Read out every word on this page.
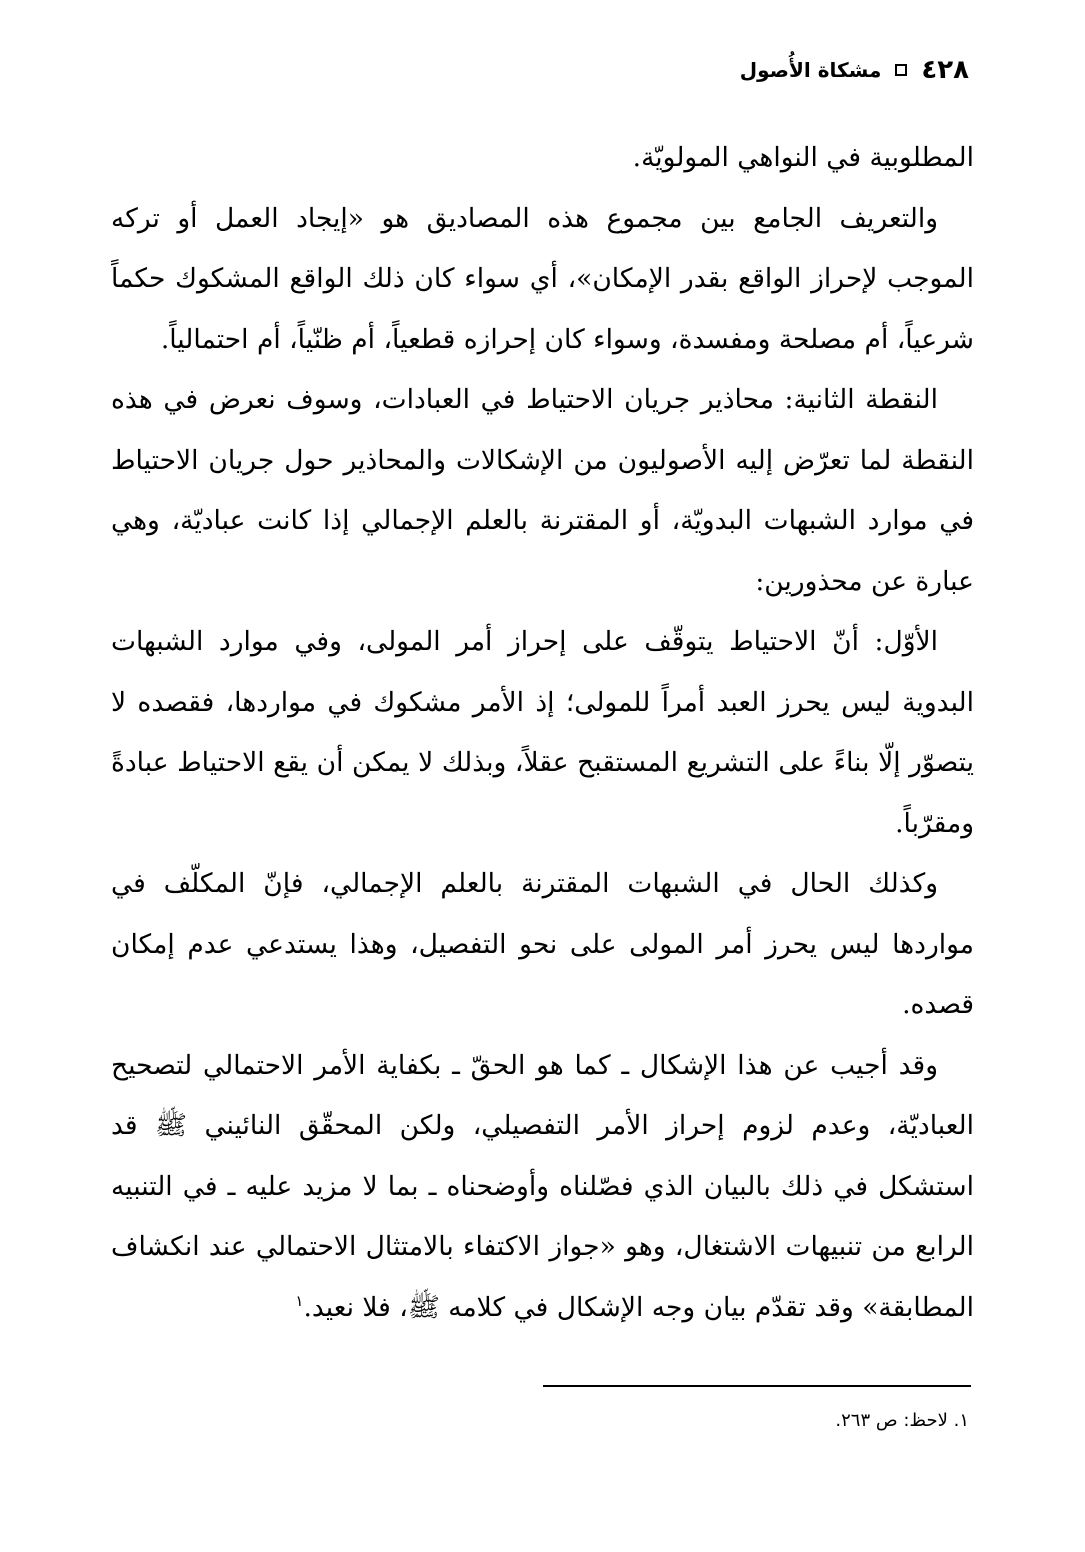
٤٢٨
مشكاة الأُصول

المطلوبية في النواهي المولويّة.

والتعريف الجامع بين مجموع هذه المصاديق هو «إيجاد العمل أو تركه الموجب لإحراز الواقع بقدر الإمكان»، أي سواء كان ذلك الواقع المشكوك حكماً شرعياً، أم مصلحة ومفسدة، وسواء كان إحرازه قطعياً، أم ظنّياً، أم احتمالياً.

النقطة الثانية: محاذير جريان الاحتياط في العبادات، وسوف نعرض في هذه النقطة لما تعرّض إليه الأصوليون من الإشكالات والمحاذير حول جريان الاحتياط في موارد الشبهات البدويّة، أو المقترنة بالعلم الإجمالي إذا كانت عباديّة، وهي عبارة عن محذورين:

الأوّل: أنّ الاحتياط يتوقّف على إحراز أمر المولى، وفي موارد الشبهات البدوية ليس يحرز العبد أمراً للمولى؛ إذ الأمر مشكوك في مواردها، فقصده لا يتصوّر إلّا بناءً على التشريع المستقبح عقلاً، وبذلك لا يمكن أن يقع الاحتياط عبادةً ومقرّباً.

وكذلك الحال في الشبهات المقترنة بالعلم الإجمالي، فإنّ المكلّف في مواردها ليس يحرز أمر المولى على نحو التفصيل، وهذا يستدعي عدم إمكان قصده.

وقد أجيب عن هذا الإشكال ـ كما هو الحقّ ـ بكفاية الأمر الاحتمالي لتصحيح العباديّة، وعدم لزوم إحراز الأمر التفصيلي، ولكن المحقّق النائيني ﷺ قد استشكل في ذلك بالبيان الذي فصّلناه وأوضحناه ـ بما لا مزيد عليه ـ في التنبيه الرابع من تنبيهات الاشتغال، وهو «جواز الاكتفاء بالامتثال الاحتمالي عند انكشاف المطابقة» وقد تقدّم بيان وجه الإشكال في كلامه ﷺ، فلا نعيد.$^١$

١. لاحظ: ص ٢٦٣.
